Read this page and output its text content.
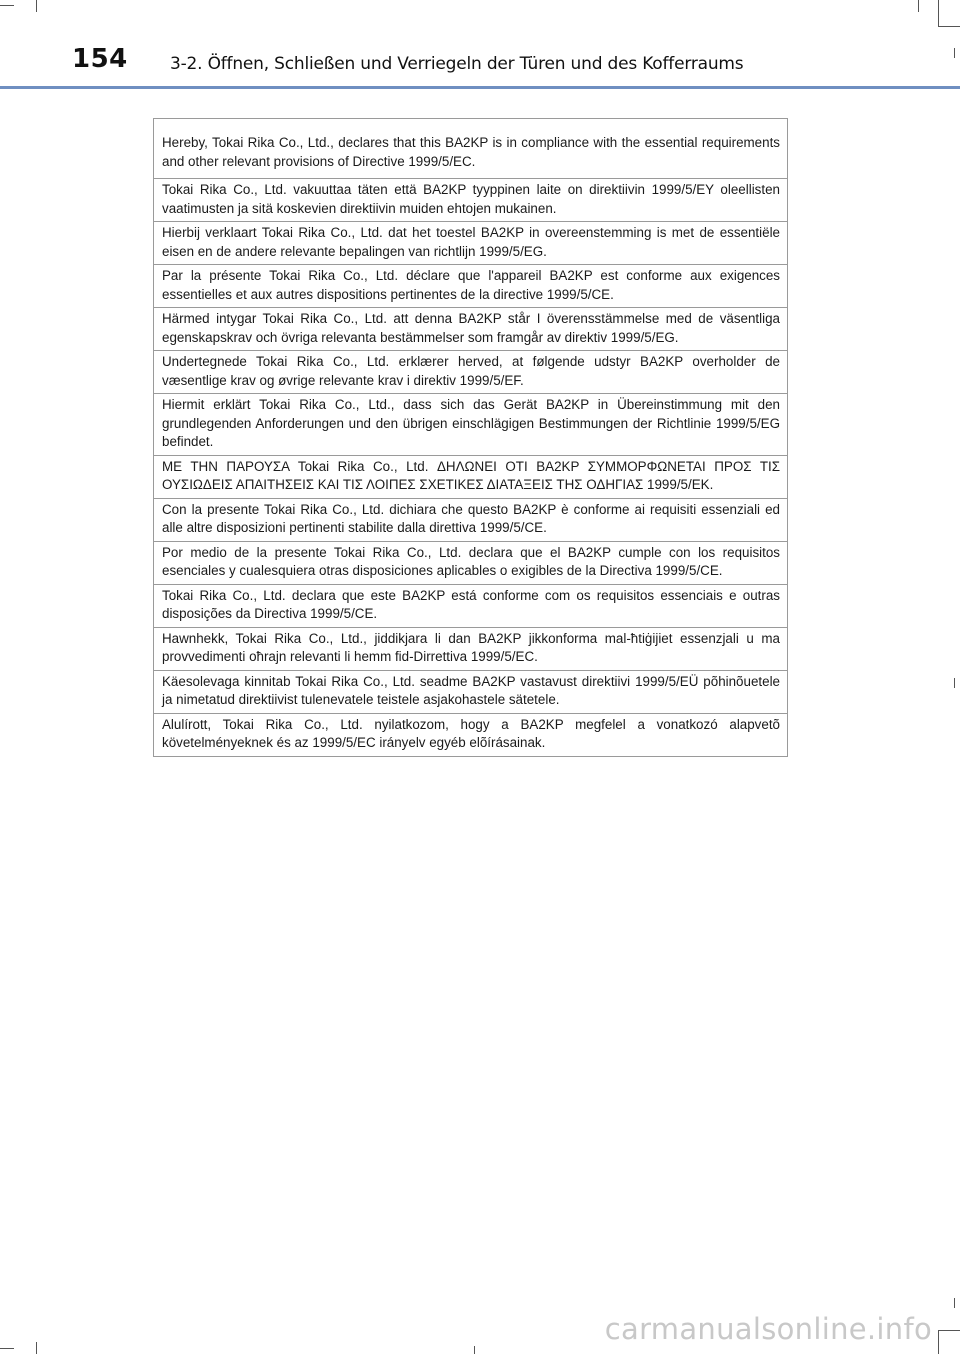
154 3-2. Öffnen, Schließen und Verriegeln der Türen und des Kofferraums
Hereby, Tokai Rika Co., Ltd., declares that this BA2KP is in compliance with the essential requirements and other relevant provisions of Directive 1999/5/EC.
Tokai Rika Co., Ltd. vakuuttaa täten että BA2KP tyyppinen laite on direktiivin 1999/5/EY oleellisten vaatimusten ja sitä koskevien direktiivin muiden ehtojen mukainen.
Hierbij verklaart Tokai Rika Co., Ltd. dat het toestel BA2KP in overeenstemming is met de essentiële eisen en de andere relevante bepalingen van richtlijn 1999/5/EG.
Par la présente Tokai Rika Co., Ltd. déclare que l'appareil BA2KP est conforme aux exigences essentielles et aux autres dispositions pertinentes de la directive 1999/5/CE.
Härmed intygar Tokai Rika Co., Ltd. att denna BA2KP står I överensstämmelse med de väsentliga egenskapskrav och övriga relevanta bestämmelser som framgår av direktiv 1999/5/EG.
Undertegnede Tokai Rika Co., Ltd. erklærer herved, at følgende udstyr BA2KP overholder de væsentlige krav og øvrige relevante krav i direktiv 1999/5/EF.
Hiermit erklärt Tokai Rika Co., Ltd., dass sich das Gerät BA2KP in Übereinstimmung mit den grundlegenden Anforderungen und den übrigen einschlägigen Bestimmungen der Richtlinie 1999/5/EG befindet.
ΜΕ ΤΗΝ ΠΑΡΟΥΣΑ Tokai Rika Co., Ltd. ΔΗΛΩΝΕΙ ΟΤΙ BA2KP ΣΥΜΜΟΡΦΩΝΕΤΑΙ ΠΡΟΣ ΤΙΣ ΟΥΣΙΩΔΕΙΣ ΑΠΑΙΤΗΣΕΙΣ ΚΑΙ ΤΙΣ ΛΟΙΠΕΣ ΣΧΕΤΙΚΕΣ ΔΙΑΤΑΞΕΙΣ ΤΗΣ ΟΔΗΓΙΑΣ 1999/5/ΕΚ.
Con la presente Tokai Rika Co., Ltd. dichiara che questo BA2KP è conforme ai requisiti essenziali ed alle altre disposizioni pertinenti stabilite dalla direttiva 1999/5/CE.
Por medio de la presente Tokai Rika Co., Ltd. declara que el BA2KP cumple con los requisitos esenciales y cualesquiera otras disposiciones aplicables o exigibles de la Directiva 1999/5/CE.
Tokai Rika Co., Ltd. declara que este BA2KP está conforme com os requisitos essenciais e outras disposições da Directiva 1999/5/CE.
Hawnhekk, Tokai Rika Co., Ltd., jiddikjara li dan BA2KP jikkonforma mal-ħtiġijiet essenzjali u ma provvedimenti oħrajn relevanti li hemm fid-Dirrettiva 1999/5/EC.
Käesolevaga kinnitab Tokai Rika Co., Ltd. seadme BA2KP vastavust direktiivi 1999/5/EÜ põhinõuetele ja nimetatud direktiivist tulenevatele teistele asjakohastele sätetele.
Alulírott, Tokai Rika Co., Ltd. nyilatkozom, hogy a BA2KP megfelel a vonatkozó alapvetõ követelményeknek és az 1999/5/EC irányelv egyéb elõírásainak.
carmanualsonline.info
